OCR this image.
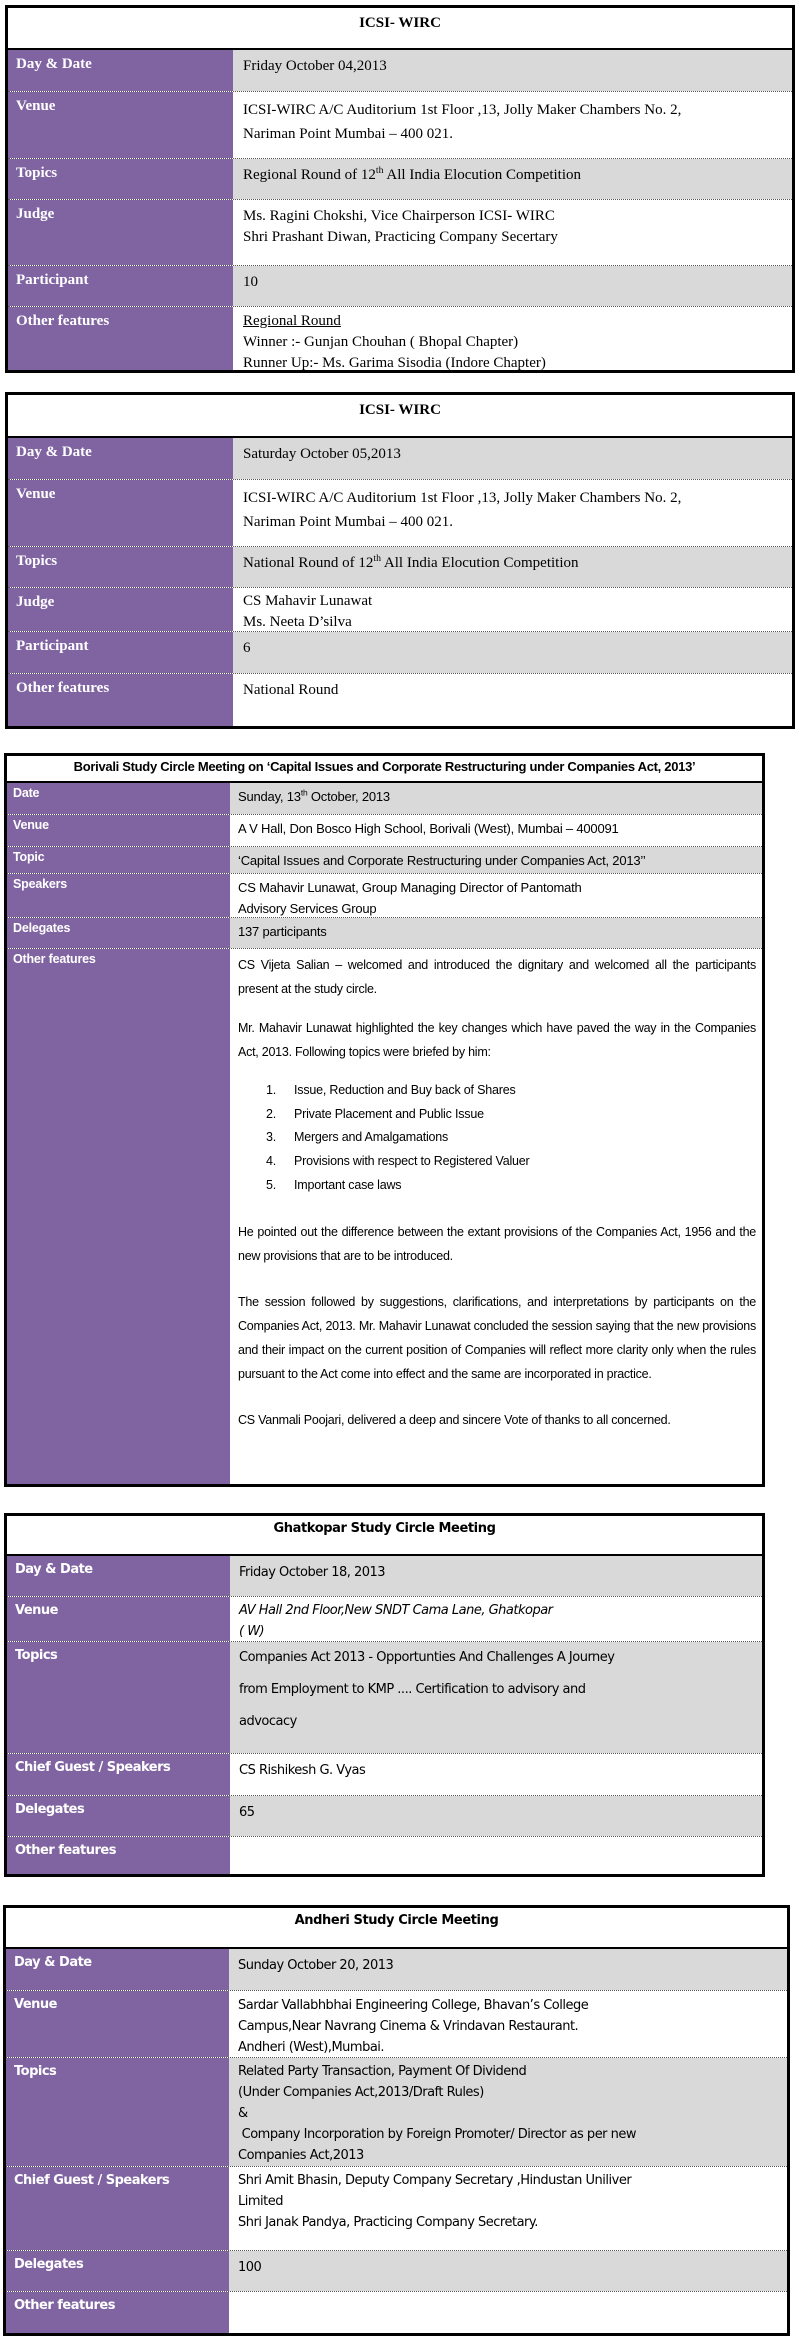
ICSI- WIRC
Day & Date	Friday October 04,2013
Venue	ICSI-WIRC A/C Auditorium 1st Floor ,13, Jolly Maker Chambers No. 2,
Nariman Point Mumbai – 400 021.
Topics	Regional Round of 12th All India Elocution Competition
Judge	Ms. Ragini Chokshi, Vice Chairperson ICSI- WIRC
Shri Prashant Diwan, Practicing Company Secertary
Participant	10
Other features	Regional Round
Winner :- Gunjan Chouhan ( Bhopal Chapter)
Runner Up:- Ms. Garima Sisodia (Indore Chapter)
ICSI- WIRC
Day & Date	Saturday October 05,2013
Venue	ICSI-WIRC A/C Auditorium 1st Floor ,13, Jolly Maker Chambers No. 2,
Nariman Point Mumbai – 400 021.
Topics	National Round of 12th All India Elocution Competition
Judge	CS Mahavir Lunawat
Ms. Neeta D’silva
Participant	6
Other features	National Round
Borivali Study Circle Meeting on ‘Capital Issues and Corporate Restructuring under Companies Act, 2013’
Date	Sunday, 13th October, 2013
Venue	A V Hall, Don Bosco High School, Borivali (West), Mumbai – 400091
Topic	‘Capital Issues and Corporate Restructuring under Companies Act, 2013’’
Speakers	CS Mahavir Lunawat, Group Managing Director of Pantomath
Advisory Services Group
Delegates	137 participants
Other features	CS Vijeta Salian – welcomed and introduced the dignitary and welcomed all the participants present at the study circle.

Mr. Mahavir Lunawat highlighted the key changes which have paved the way in the Companies Act, 2013. Following topics were briefed by him:

1. Issue, Reduction and Buy back of Shares
2. Private Placement and Public Issue
3. Mergers and Amalgamations
4. Provisions with respect to Registered Valuer
5. Important case laws

He pointed out the difference between the extant provisions of the Companies Act, 1956 and the new provisions that are to be introduced.

The session followed by suggestions, clarifications, and interpretations by participants on the Companies Act, 2013. Mr. Mahavir Lunawat concluded the session saying that the new provisions and their impact on the current position of Companies will reflect more clarity only when the rules pursuant to the Act come into effect and the same are incorporated in practice.

CS Vanmali Poojari, delivered a deep and sincere Vote of thanks to all concerned.

Ghatkopar Study Circle Meeting
Day & Date	Friday October 18, 2013
Venue	AV Hall 2nd Floor,New SNDT Cama Lane, Ghatkopar
( W)
Topics	Companies Act 2013 - Opportunties And Challenges A Journey
from Employment to KMP .... Certification to advisory and
advocacy
Chief Guest / Speakers	CS Rishikesh G. Vyas
Delegates	65
Other features
Andheri Study Circle Meeting
Day & Date	Sunday October 20, 2013
Venue	Sardar Vallabhbhai Engineering College, Bhavan’s College
Campus,Near Navrang Cinema & Vrindavan Restaurant.
Andheri (West),Mumbai.
Topics	Related Party Transaction, Payment Of Dividend
(Under Companies Act,2013/Draft Rules)
&
Company Incorporation by Foreign Promoter/ Director as per new
Companies Act,2013
Chief Guest / Speakers	Shri Amit Bhasin, Deputy Company Secretary ,Hindustan Uniliver
Limited
Shri Janak Pandya, Practicing Company Secretary.
Delegates	100
Other features
